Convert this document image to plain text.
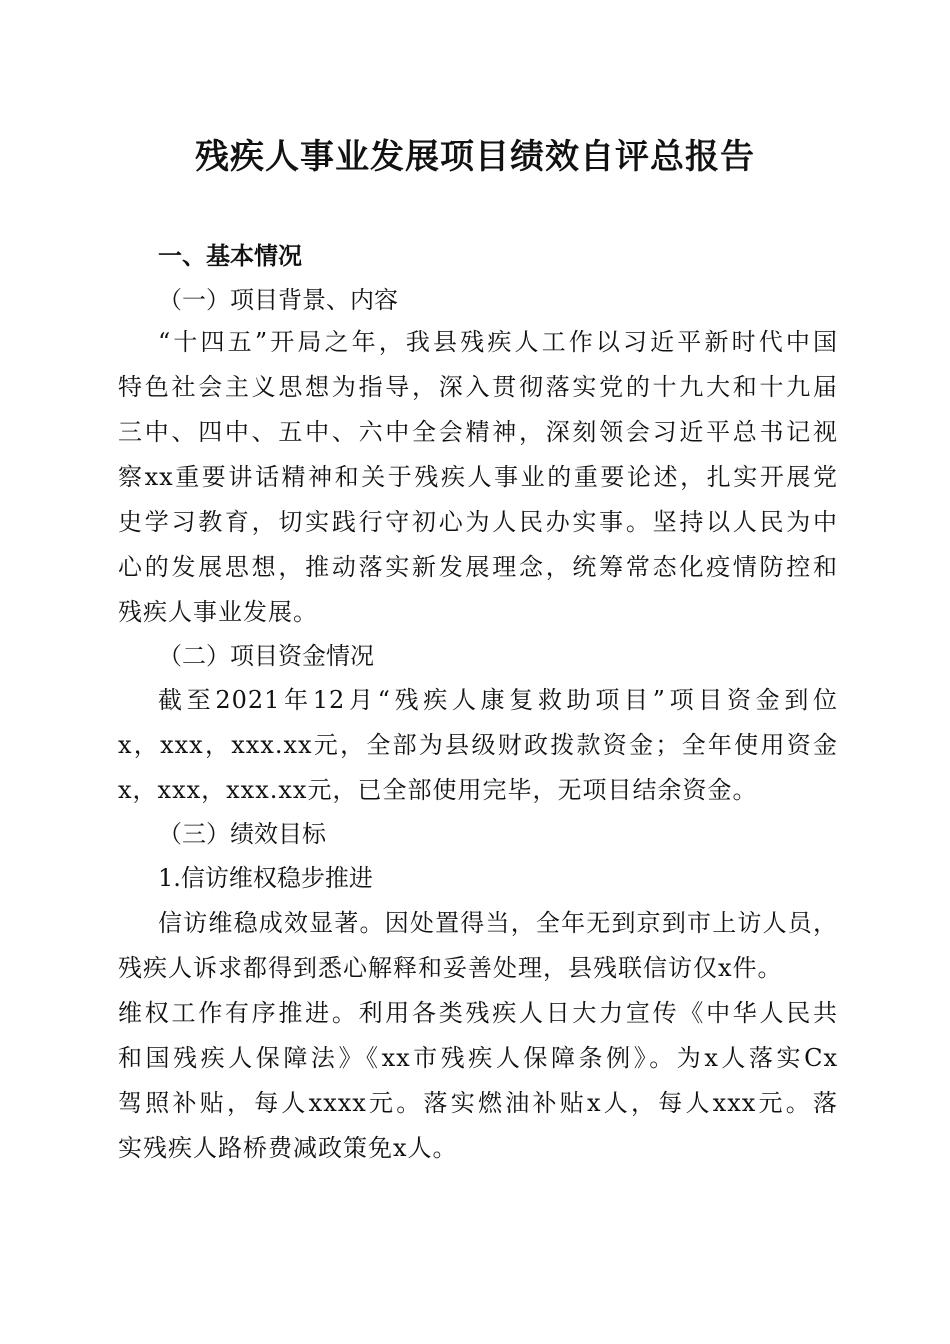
残疾人事业发展项目绩效自评总报告
一、基本情况
（一）项目背景、内容
“十四五”开局之年，我县残疾人工作以习近平新时代中国
特色社会主义思想为指导，深入贯彻落实党的十九大和十九届
三中、四中、五中、六中全会精神，深刻领会习近平总书记视
察xx重要讲话精神和关于残疾人事业的重要论述，扎实开展党
史学习教育，切实践行守初心为人民办实事。坚持以人民为中
心的发展思想，推动落实新发展理念，统筹常态化疫情防控和
残疾人事业发展。
（二）项目资金情况
截至2021年12月“残疾人康复救助项目”项目资金到位
x，xxx，xxx.xx元，全部为县级财政拨款资金；全年使用资金
x，xxx，xxx.xx元，已全部使用完毕，无项目结余资金。
（三）绩效目标
1.信访维权稳步推进
信访维稳成效显著。因处置得当，全年无到京到市上访人员，
残疾人诉求都得到悉心解释和妥善处理，县残联信访仅x件。
维权工作有序推进。利用各类残疾人日大力宣传《中华人民共
和国残疾人保障法》《xx市残疾人保障条例》。为x人落实Cx
驾照补贴，每人xxxx元。落实燃油补贴x人，每人xxx元。落
实残疾人路桥费减政策免x人。
